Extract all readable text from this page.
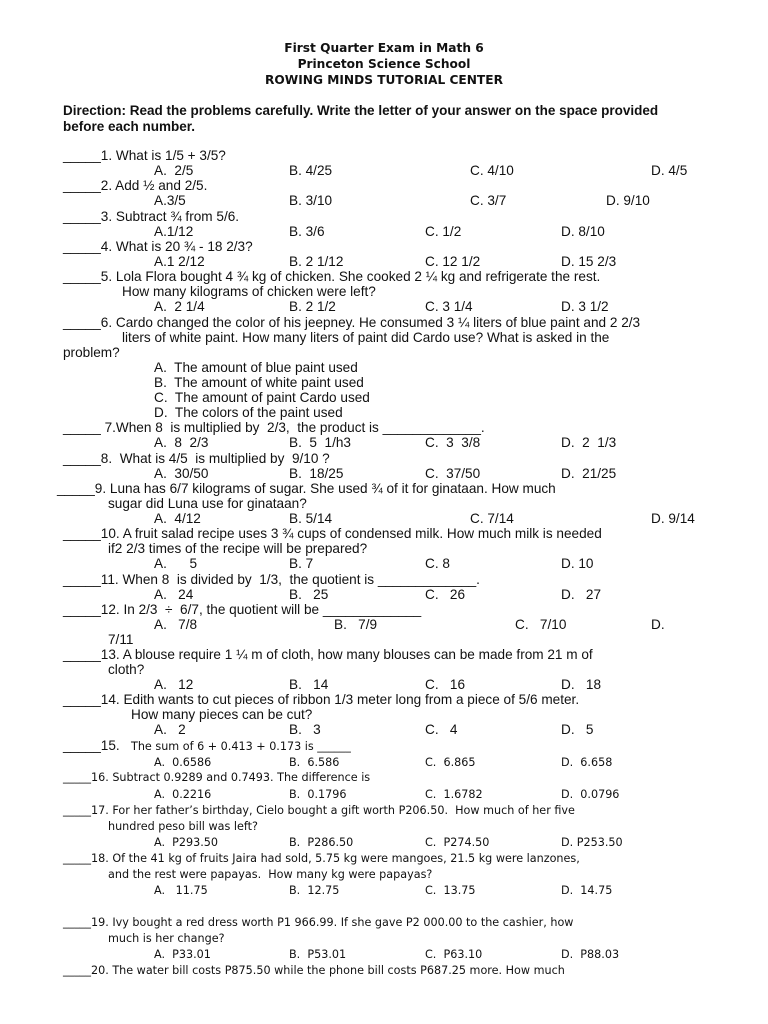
First Quarter Exam in Math 6
Princeton Science School
ROWING MINDS TUTORIAL CENTER
Direction: Read the problems carefully. Write the letter of your answer on the space provided before each number.
_____1. What is 1/5 + 3/5?
A.  2/5	B. 4/25	C. 4/10	D. 4/5
_____2. Add ½ and 2/5.
A.3/5	B. 3/10	C. 3/7	D. 9/10
_____3. Subtract ¾ from 5/6.
A.1/12	B. 3/6	C. 1/2	D. 8/10
_____4. What is 20 ¾ - 18 2/3?
A.1 2/12	B. 2 1/12	C. 12 1/2	D. 15 2/3
_____5. Lola Flora bought 4 ¾ kg of chicken. She cooked 2 ¼ kg and refrigerate the rest.
How many kilograms of chicken were left?
A.  2 1/4	B. 2 1/2	C. 3 1/4	D. 3 1/2
_____6. Cardo changed the color of his jeepney. He consumed 3 ¼ liters of blue paint and 2 2/3
liters of white paint. How many liters of paint did Cardo use? What is asked in the
problem?
A.  The amount of blue paint used
B.  The amount of white paint used
C.  The amount of paint Cardo used
D.  The colors of the paint used
_____ 7.When 8  is multiplied by  2/3,  the product is _____________.
A.  8  2/3	B.  5  1/h3	C.  3  3/8	D.  2  1/3
_____8.  What is 4/5  is multiplied by  9/10 ?
A.  30/50	B.  18/25	C.  37/50	D.  21/25
_____9. Luna has 6/7 kilograms of sugar. She used ¾ of it for ginataan. How much
sugar did Luna use for ginataan?
A.  4/12	B. 5/14	C. 7/14	D. 9/14
_____10. A fruit salad recipe uses 3 ¾ cups of condensed milk. How much milk is needed
if2 2/3 times of the recipe will be prepared?
A.      5	B. 7	C. 8	D. 10
_____11. When 8  is divided by  1/3,  the quotient is _____________.
A.   24	B.   25	C.   26	D.   27
_____12. In 2/3  ÷  6/7, the quotient will be _____________
A.   7/8	B.   7/9	C.   7/10	D.
7/11
_____13. A blouse require 1 ¼ m of cloth, how many blouses can be made from 21 m of
cloth?
A.   12	B.   14	C.   16	D.   18
_____14. Edith wants to cut pieces of ribbon 1/3 meter long from a piece of 5/6 meter.
How many pieces can be cut?
A.   2	B.   3	C.   4	D.   5
_____15. The sum of 6 + 0.413 + 0.173 is ______
A.  0.6586	B.  6.586	C.  6.865	D.  6.658
_____16. Subtract 0.9289 and 0.7493. The difference is
A.  0.2216	B.  0.1796	C.  1.6782	D.  0.0796
_____17. For her father’s birthday, Cielo bought a gift worth P206.50.  How much of her five
hundred peso bill was left?
A.  P293.50	B.  P286.50	C.  P274.50	D. P253.50
_____18. Of the 41 kg of fruits Jaira had sold, 5.75 kg were mangoes, 21.5 kg were lanzones,
and the rest were papayas.  How many kg were papayas?
A.   11.75	B.  12.75	C.  13.75	D.  14.75
_____19. Ivy bought a red dress worth P1 966.99. If she gave P2 000.00 to the cashier, how
much is her change?
A.  P33.01	B.  P53.01	C.  P63.10	D.  P88.03
_____20. The water bill costs P875.50 while the phone bill costs P687.25 more. How much
